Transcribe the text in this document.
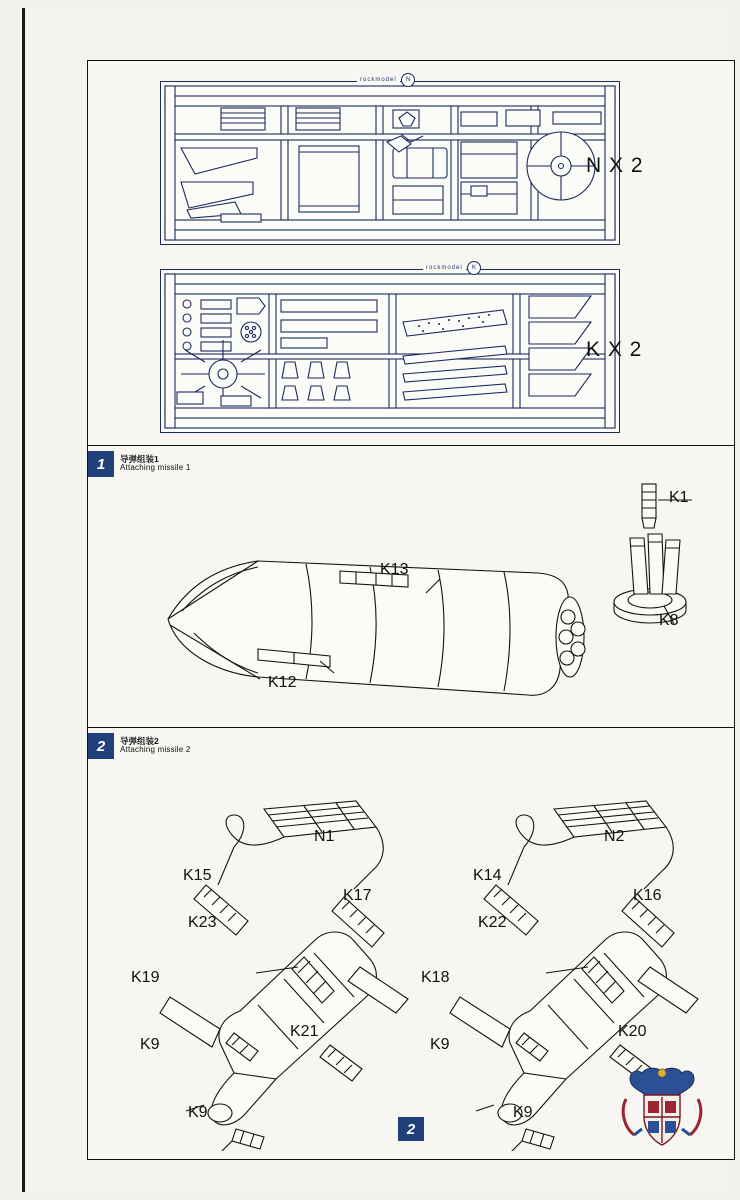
rockmodel	N
N X 2
rockmodel	K
K X 2
1	导弹组装1
Attaching missile 1
K13
K12
K1
K8
2	导弹组装2
Attaching missile 2
N1
K15
K17
K23
K19
K21
K9
K9
N2
K14
K16
K22
K18
K20
K9
K9
2
